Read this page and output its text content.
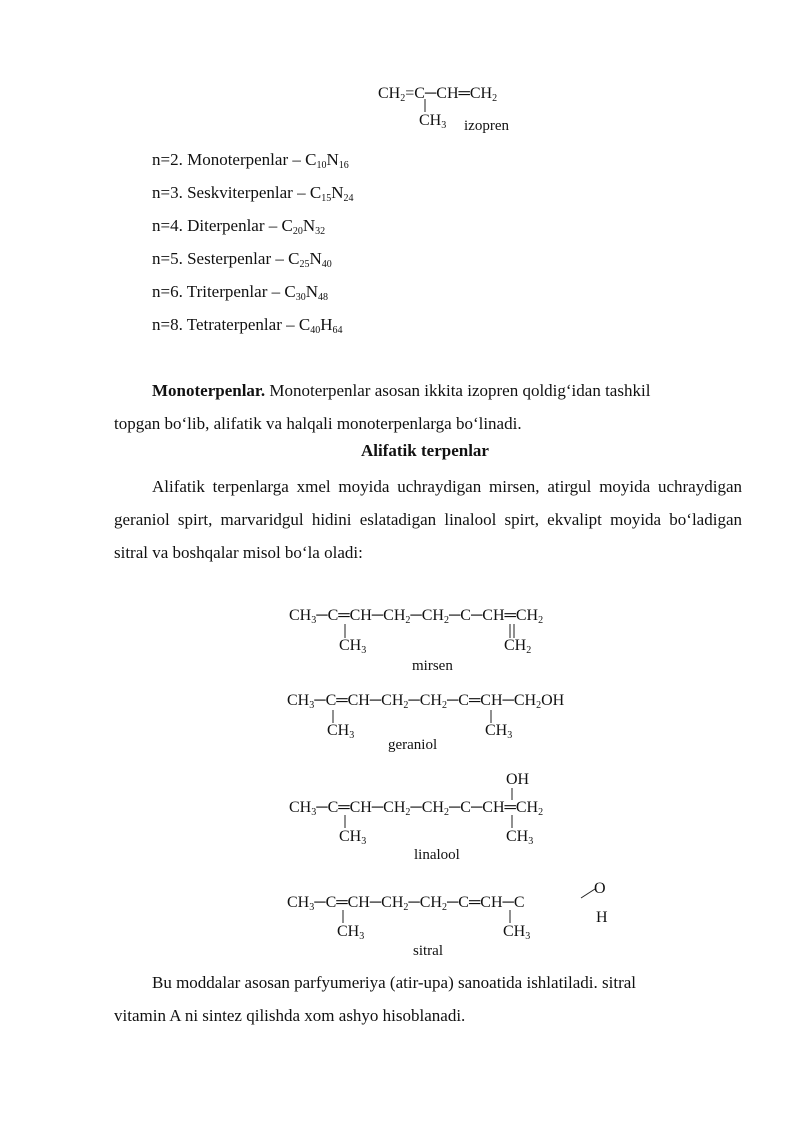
$CH_2=C─CH═CH_2$
$CH_3$ izopren
n=2. Monoterpenlar – $C_{10}N_{16}$
n=3. Seskviterpenlar – $C_{15}N_{24}$
n=4. Diterpenlar – $C_{20}N_{32}$
n=5. Sesterpenlar – $C_{25}N_{40}$
n=6. Triterpenlar – $C_{30}N_{48}$
n=8. Tetraterpenlar – $C_{40}H_{64}$
Monoterpenlar. Monoterpenlar asosan ikkita izopren qoldig‘idan tashkil
topgan bo‘lib, alifatik va halqali monoterpenlarga bo‘linadi.
Alifatik terpenlar
Alifatik terpenlarga xmel moyida uchraydigan mirsen, atirgul moyida uchraydigan geraniol spirt, marvaridgul hidini eslatadigan linalool spirt, ekvalipt moyida bo‘ladigan sitral va boshqalar misol bo‘la oladi:
$CH_3─C═CH─CH_2─CH_2─C─CH═CH_2$
$CH_3$	$CH_2$
mirsen
$CH_3─C═CH─CH_2─CH_2─C═CH─CH_2OH$
$CH_3$	$CH_3$
geraniol
OH
$CH_3─C═CH─CH_2─CH_2─C─CH═CH_2$
$CH_3$	$CH_3$
linalool
O
$CH_3─C═CH─CH_2─CH_2─C═CH─C$
H
$CH_3$	$CH_3$
sitral
Bu moddalar asosan parfyumeriya (atir-upa) sanoatida ishlatiladi. sitral
vitamin A ni sintez qilishda xom ashyo hisoblanadi.
